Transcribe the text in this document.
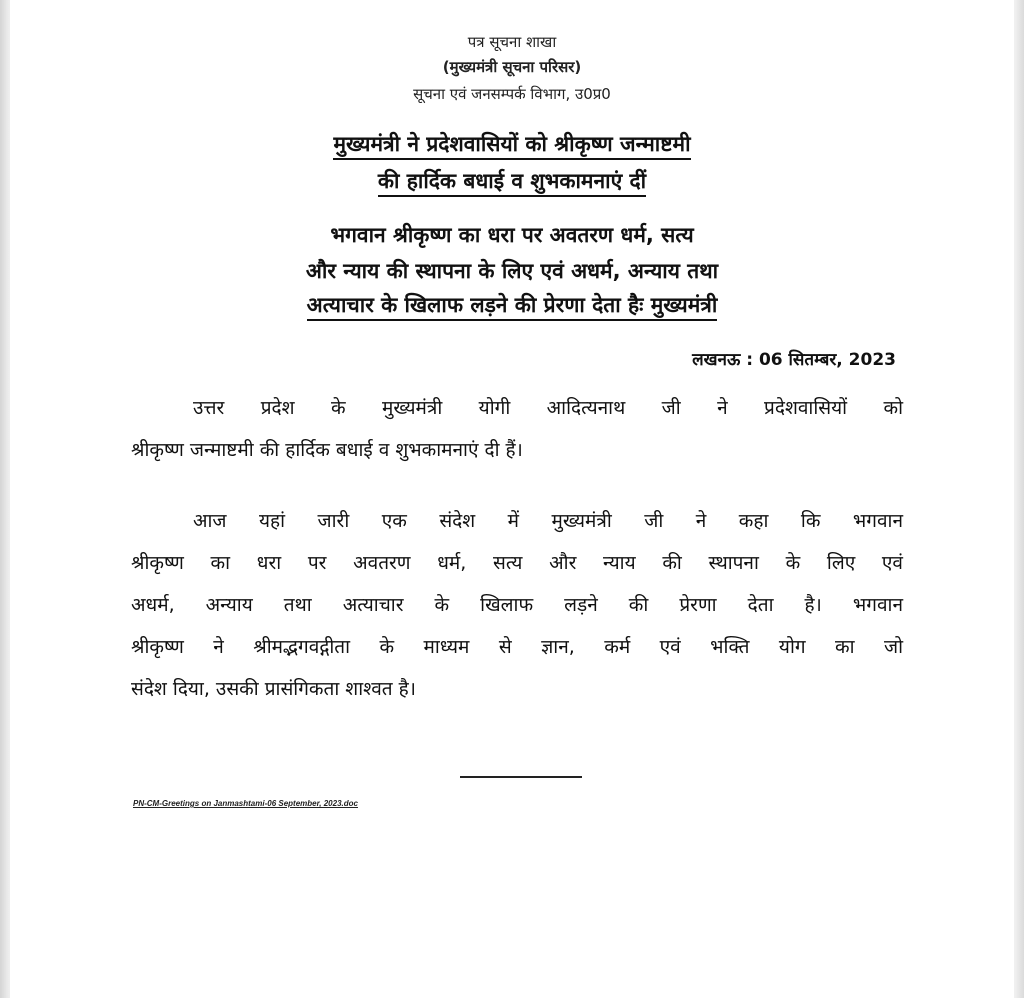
पत्र सूचना शाखा
(मुख्यमंत्री सूचना परिसर)
सूचना एवं जनसम्पर्क विभाग, उ0प्र0
मुख्यमंत्री ने प्रदेशवासियों को श्रीकृष्ण जन्माष्टमी
की हार्दिक बधाई व शुभकामनाएं दीं
भगवान श्रीकृष्ण का धरा पर अवतरण धर्म, सत्य
और न्याय की स्थापना के लिए एवं अधर्म, अन्याय तथा
अत्याचार के खिलाफ लड़ने की प्रेरणा देता हैः मुख्यमंत्री
लखनऊ : 06 सितम्बर, 2023
उत्तर प्रदेश के मुख्यमंत्री योगी आदित्यनाथ जी ने प्रदेशवासियों को
श्रीकृष्ण जन्माष्टमी की हार्दिक बधाई व शुभकामनाएं दी हैं।
आज यहां जारी एक संदेश में मुख्यमंत्री जी ने कहा कि भगवान
श्रीकृष्ण का धरा पर अवतरण धर्म, सत्य और न्याय की स्थापना के लिए एवं
अधर्म, अन्याय तथा अत्याचार के खिलाफ लड़ने की प्रेरणा देता है। भगवान
श्रीकृष्ण ने श्रीमद्भगवद्गीता के माध्यम से ज्ञान, कर्म एवं भक्ति योग का जो
संदेश दिया, उसकी प्रासंगिकता शाश्वत है।
PN-CM-Greetings on Janmashtami-06 September, 2023.doc
